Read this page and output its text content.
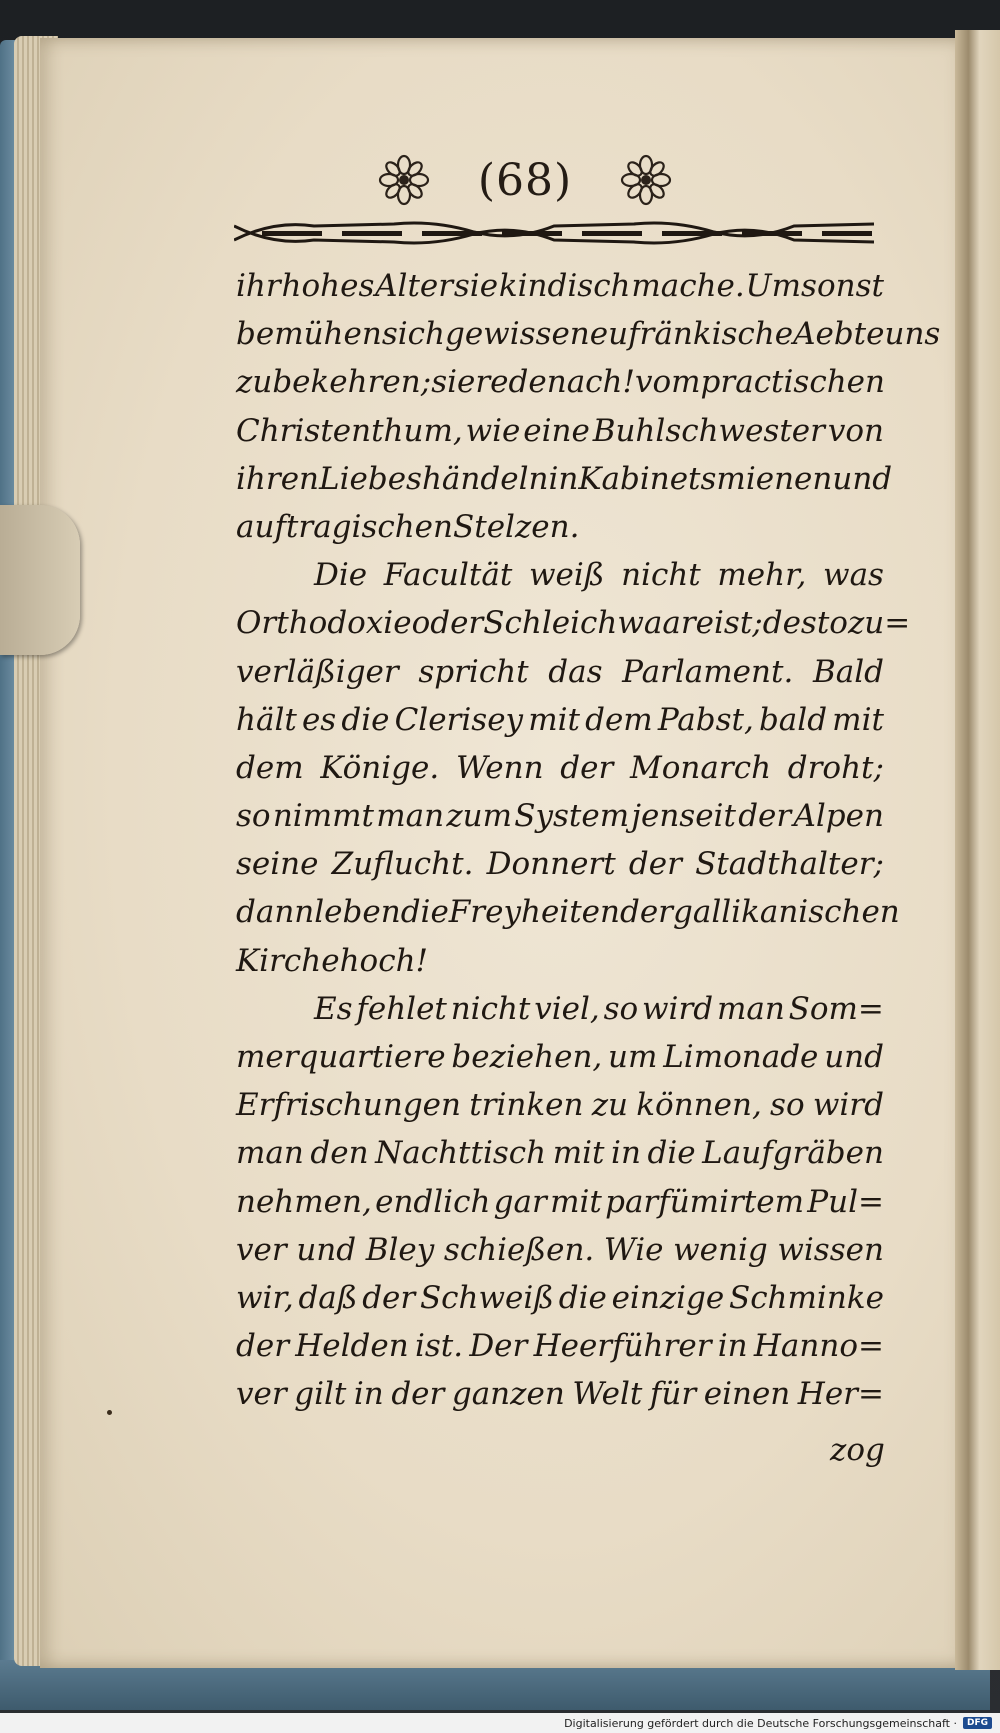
(68)
ihr hohes Alter sie kindisch mache. Umsonst
bemühen sich gewisse neufränkische Aebte uns
zu bekehren; sie reden ach! vom practischen
Christenthum, wie eine Buhlschwester von
ihren Liebeshändeln in Kabinetsmienen und
auf tragischen Stelzen.
Die Facultät weiß nicht mehr, was
Orthodoxie oder Schleichwaare ist; desto zu=
verläßiger spricht das Parlament. Bald
hält es die Clerisey mit dem Pabst, bald mit
dem Könige. Wenn der Monarch droht;
so nimmt man zum System jenseit der Alpen
seine Zuflucht. Donnert der Stadthalter;
dann leben die Freyheiten der gallikanischen
Kirche hoch!
Es fehlet nicht viel, so wird man Som=
merquartiere beziehen, um Limonade und
Erfrischungen trinken zu können, so wird
man den Nachttisch mit in die Laufgräben
nehmen, endlich gar mit parfümirtem Pul=
ver und Bley schießen. Wie wenig wissen
wir, daß der Schweiß die einzige Schminke
der Helden ist. Der Heerführer in Hanno=
ver gilt in der ganzen Welt für einen Her=
zog
Digitalisierung gefördert durch die Deutsche Forschungsgemeinschaft ·	DFG
